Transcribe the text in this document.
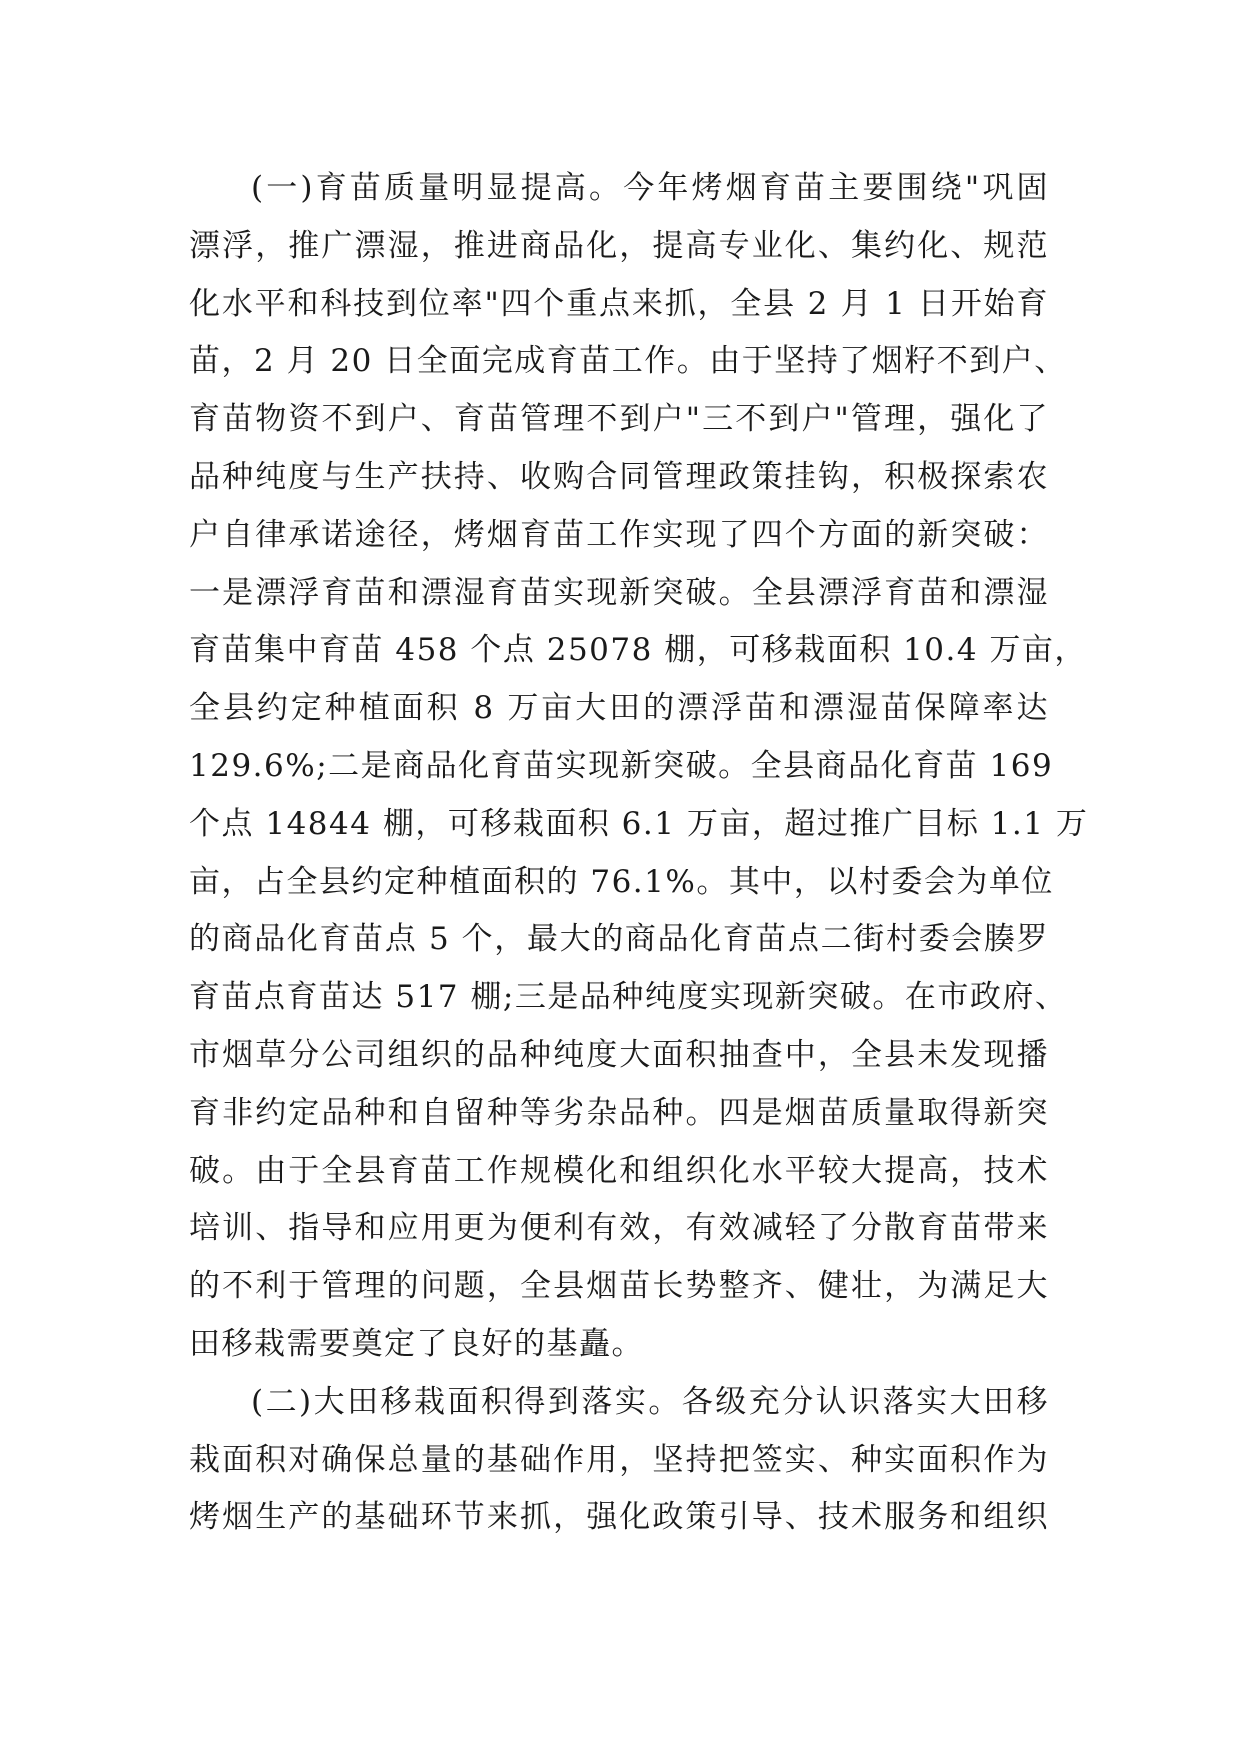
(一)育苗质量明显提高。今年烤烟育苗主要围绕"巩固
漂浮，推广漂湿，推进商品化，提高专业化、集约化、规范
化水平和科技到位率"四个重点来抓，全县 2 月 1 日开始育
苗，2 月 20 日全面完成育苗工作。由于坚持了烟籽不到户、
育苗物资不到户、育苗管理不到户"三不到户"管理，强化了
品种纯度与生产扶持、收购合同管理政策挂钩，积极探索农
户自律承诺途径，烤烟育苗工作实现了四个方面的新突破：
一是漂浮育苗和漂湿育苗实现新突破。全县漂浮育苗和漂湿
育苗集中育苗 458 个点 25078 棚，可移栽面积 10.4 万亩，
全县约定种植面积 8 万亩大田的漂浮苗和漂湿苗保障率达
129.6%;二是商品化育苗实现新突破。全县商品化育苗 169
个点 14844 棚，可移栽面积 6.1 万亩，超过推广目标 1.1 万
亩，占全县约定种植面积的 76.1%。其中，以村委会为单位
的商品化育苗点 5 个，最大的商品化育苗点二街村委会腠罗
育苗点育苗达 517 棚;三是品种纯度实现新突破。在市政府、
市烟草分公司组织的品种纯度大面积抽查中，全县未发现播
育非约定品种和自留种等劣杂品种。四是烟苗质量取得新突
破。由于全县育苗工作规模化和组织化水平较大提高，技术
培训、指导和应用更为便利有效，有效减轻了分散育苗带来
的不利于管理的问题，全县烟苗长势整齐、健壮，为满足大
田移栽需要奠定了良好的基矗。
(二)大田移栽面积得到落实。各级充分认识落实大田移
栽面积对确保总量的基础作用，坚持把签实、种实面积作为
烤烟生产的基础环节来抓，强化政策引导、技术服务和组织
